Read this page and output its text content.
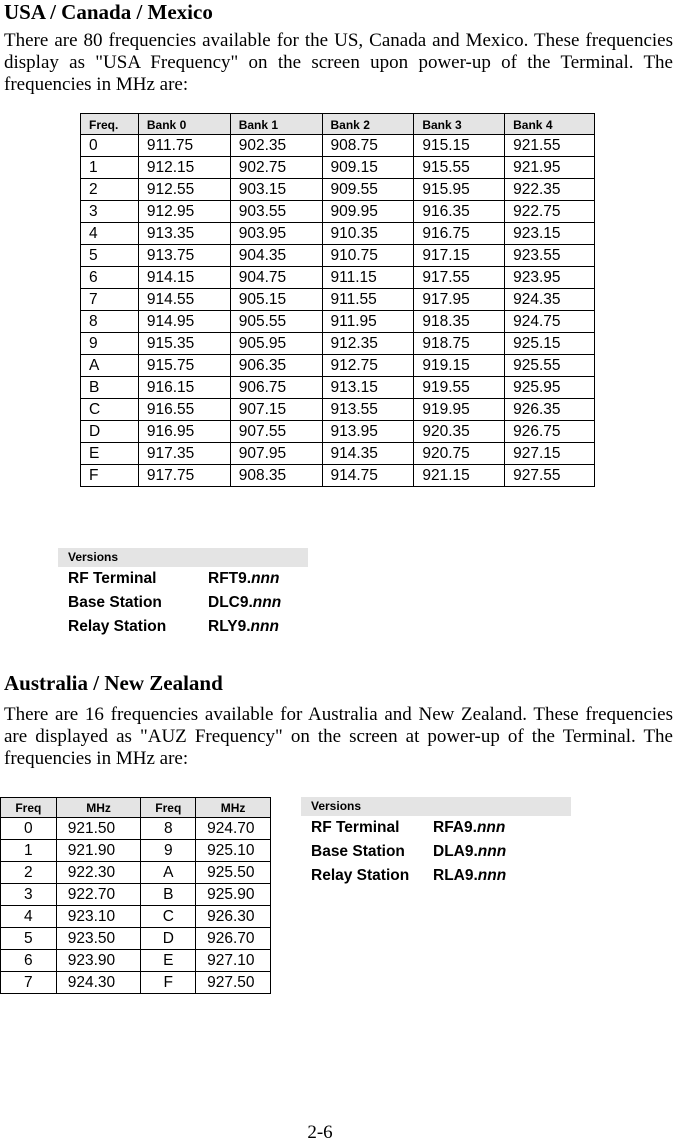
USA / Canada / Mexico

There are 80 frequencies available for the US, Canada and Mexico. These frequencies display as "USA Frequency" on the screen upon power-up of the Terminal. The frequencies in MHz are:

Freq.	Bank 0	Bank 1	Bank 2	Bank 3	Bank 4
0	911.75	902.35	908.75	915.15	921.55
1	912.15	902.75	909.15	915.55	921.95
2	912.55	903.15	909.55	915.95	922.35
3	912.95	903.55	909.95	916.35	922.75
4	913.35	903.95	910.35	916.75	923.15
5	913.75	904.35	910.75	917.15	923.55
6	914.15	904.75	911.15	917.55	923.95
7	914.55	905.15	911.55	917.95	924.35
8	914.95	905.55	911.95	918.35	924.75
9	915.35	905.95	912.35	918.75	925.15
A	915.75	906.35	912.75	919.15	925.55
B	916.15	906.75	913.15	919.55	925.95
C	916.55	907.15	913.55	919.95	926.35
D	916.95	907.55	913.95	920.35	926.75
E	917.35	907.95	914.35	920.75	927.15
F	917.75	908.35	914.75	921.15	927.55
Versions
RF Terminal	RFT9.nnn
Base Station	DLC9.nnn
Relay Station	RLY9.nnn
Australia / New Zealand

There are 16 frequencies available for Australia and New Zealand. These frequencies are displayed as "AUZ Frequency" on the screen at power-up of the Terminal. The frequencies in MHz are:

Freq	MHz	Freq	MHz
0	921.50	8	924.70
1	921.90	9	925.10
2	922.30	A	925.50
3	922.70	B	925.90
4	923.10	C	926.30
5	923.50	D	926.70
6	923.90	E	927.10
7	924.30	F	927.50
Versions
RF Terminal	RFA9.nnn
Base Station	DLA9.nnn
Relay Station	RLA9.nnn
2-6
